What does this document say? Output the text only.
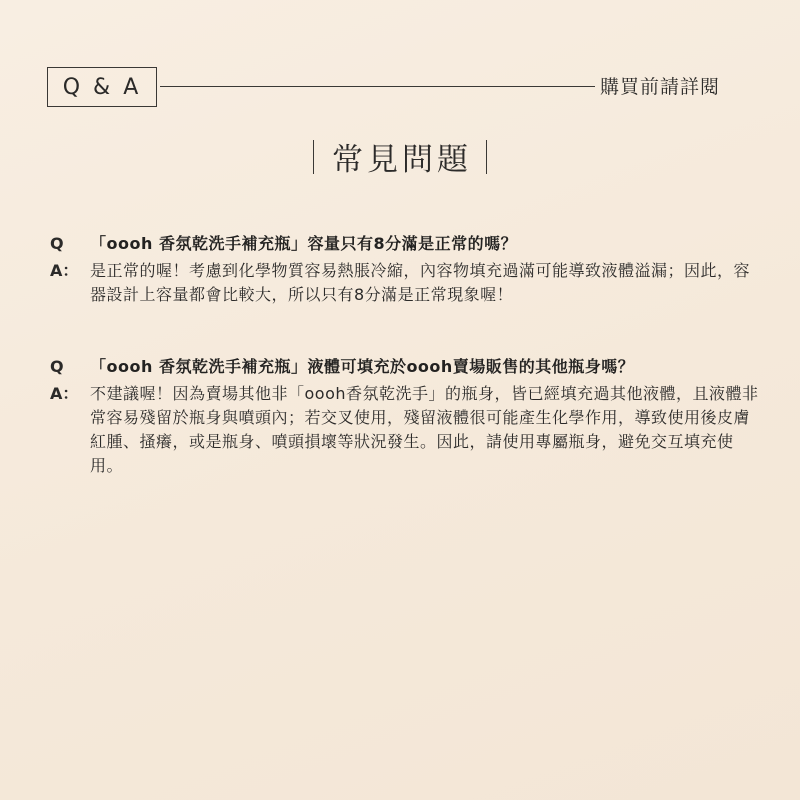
Q & A	購買前請詳閱
常見問題
Q	「oooh 香氛乾洗手補充瓶」容量只有8分滿是正常的嗎？
A： 是正常的喔！考慮到化學物質容易熱脹冷縮，內容物填充過滿可能導致液體溢漏；因此，容器設計上容量都會比較大，所以只有8分滿是正常現象喔！
Q	「oooh 香氛乾洗手補充瓶」液體可填充於oooh賣場販售的其他瓶身嗎？
A： 不建議喔！因為賣場其他非「oooh香氛乾洗手」的瓶身，皆已經填充過其他液體，且液體非常容易殘留於瓶身與噴頭內；若交叉使用，殘留液體很可能產生化學作用，導致使用後皮膚紅腫、搔癢，或是瓶身、噴頭損壞等狀況發生。因此，請使用專屬瓶身，避免交互填充使用。
